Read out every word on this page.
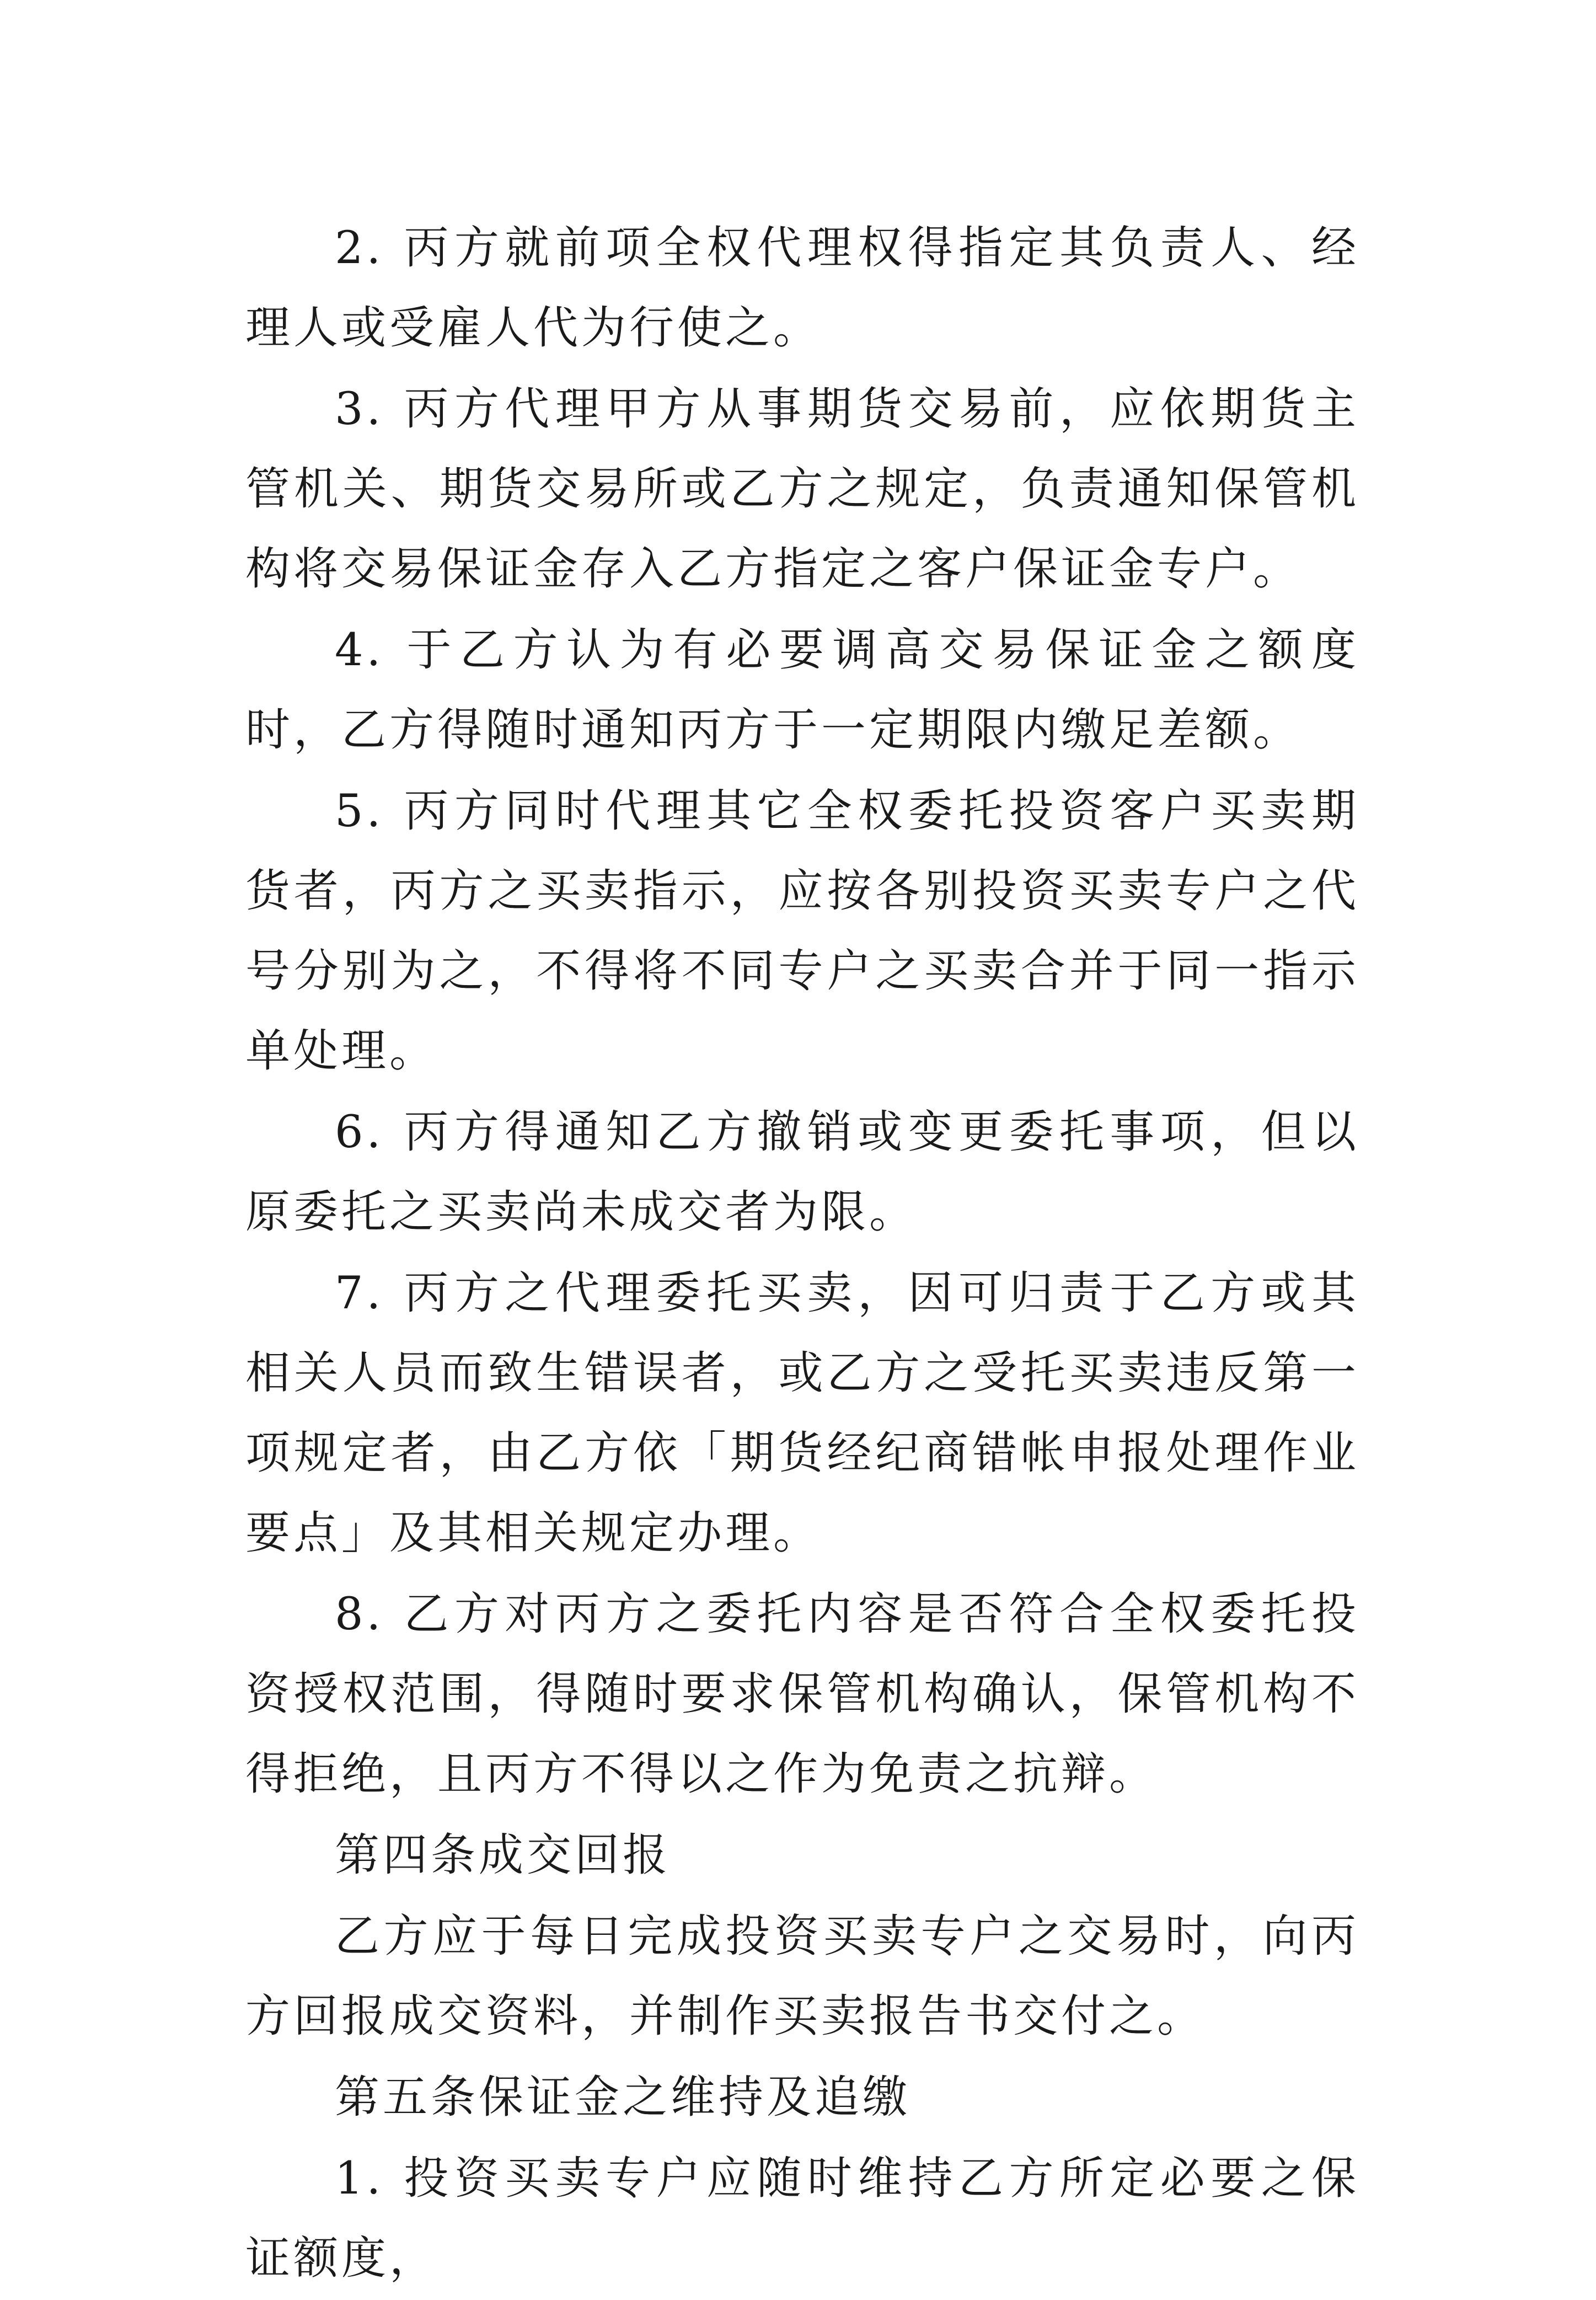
2. 丙方就前项全权代理权得指定其负责人、经理人或受雇人代为行使之。

3. 丙方代理甲方从事期货交易前，应依期货主管机关、期货交易所或乙方之规定，负责通知保管机构将交易保证金存入乙方指定之客户保证金专户。

4. 于乙方认为有必要调高交易保证金之额度时，乙方得随时通知丙方于一定期限内缴足差额。

5. 丙方同时代理其它全权委托投资客户买卖期货者，丙方之买卖指示，应按各别投资买卖专户之代号分别为之，不得将不同专户之买卖合并于同一指示单处理。

6. 丙方得通知乙方撤销或变更委托事项，但以原委托之买卖尚未成交者为限。

7. 丙方之代理委托买卖，因可归责于乙方或其相关人员而致生错误者，或乙方之受托买卖违反第一项规定者，由乙方依「期货经纪商错帐申报处理作业要点」及其相关规定办理。

8. 乙方对丙方之委托内容是否符合全权委托投资授权范围，得随时要求保管机构确认，保管机构不得拒绝，且丙方不得以之作为免责之抗辩。

第四条成交回报

乙方应于每日完成投资买卖专户之交易时，向丙方回报成交资料，并制作买卖报告书交付之。

第五条保证金之维持及追缴

1. 投资买卖专户应随时维持乙方所定必要之保证额度，
